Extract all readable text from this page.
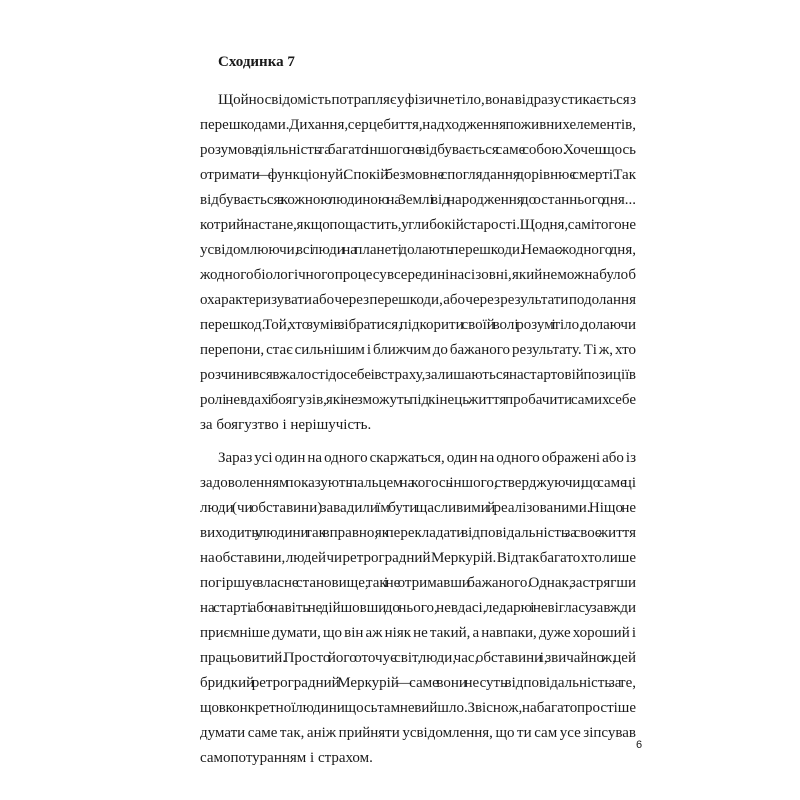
Сходинка 7

Щойно свідомість потрапляє у фізичне тіло, вона відразу стикається з

перешкодами. Дихання, серцебиття, надходження поживних елементів,

розумова діяльність та багато іншого не відбувається саме собою. Хочеш щось

отримати — функціонуй. Спокій і безмовне споглядання дорівнює смерті. Так

відбувається з кожною людиною на Землі від народження до останнього дня...

котрий настане, якщо пощастить, у глибокій старості. Щодня, самі того не

усвідомлюючи, всі люди на планеті долають перешкоди. Немає жодного дня,

жодного біологічного процесу всередині нас і зовні, який не можна було б

охарактеризувати або через перешкоди, або через результати подолання

перешкод. Той, хто зумів зібратися, підкорити своїй волі розум і тіло, долаючи

перепони, стає сильнішим і ближчим до бажаного результату. Ті ж, хто

розчинився в жалості до себе і в страху, залишаються на стартовій позиції в

ролі невдах і боягузів, які не зможуть під кінець життя пробачити самих себе

за боягузтво і нерішучість.

Зараз усі один на одного скаржаться, один на одного ображені або із

задоволенням показують пальцем на когось іншого, стверджуючи, що саме ці

люди (чи обставини) завадили їм бути щасливими й реалізованими. Ніщо не

виходить у людини так вправно, як перекладати відповідальність за своє життя

на обставини, людей чи ретроградний Меркурій. Відтак багато хто лише

погіршує власне становище, так і не отримавши бажаного. Однак, застрягши

на старті або навіть не дійшовши до нього, невдасі, ледарю і невігласу завжди

приємніше думати, що він аж ніяк не такий, а навпаки, дуже хороший і

працьовитий. Просто його оточує світ, люди, час, обставини і, звичайно ж, цей

бридкий ретроградний Меркурій — саме вони несуть відповідальність за те,

що в конкретної людини щось там не вийшло. Звісно ж, набагато простіше

думати саме так, аніж прийняти усвідомлення, що ти сам усе зіпсував

самопотуранням і страхом.

6
